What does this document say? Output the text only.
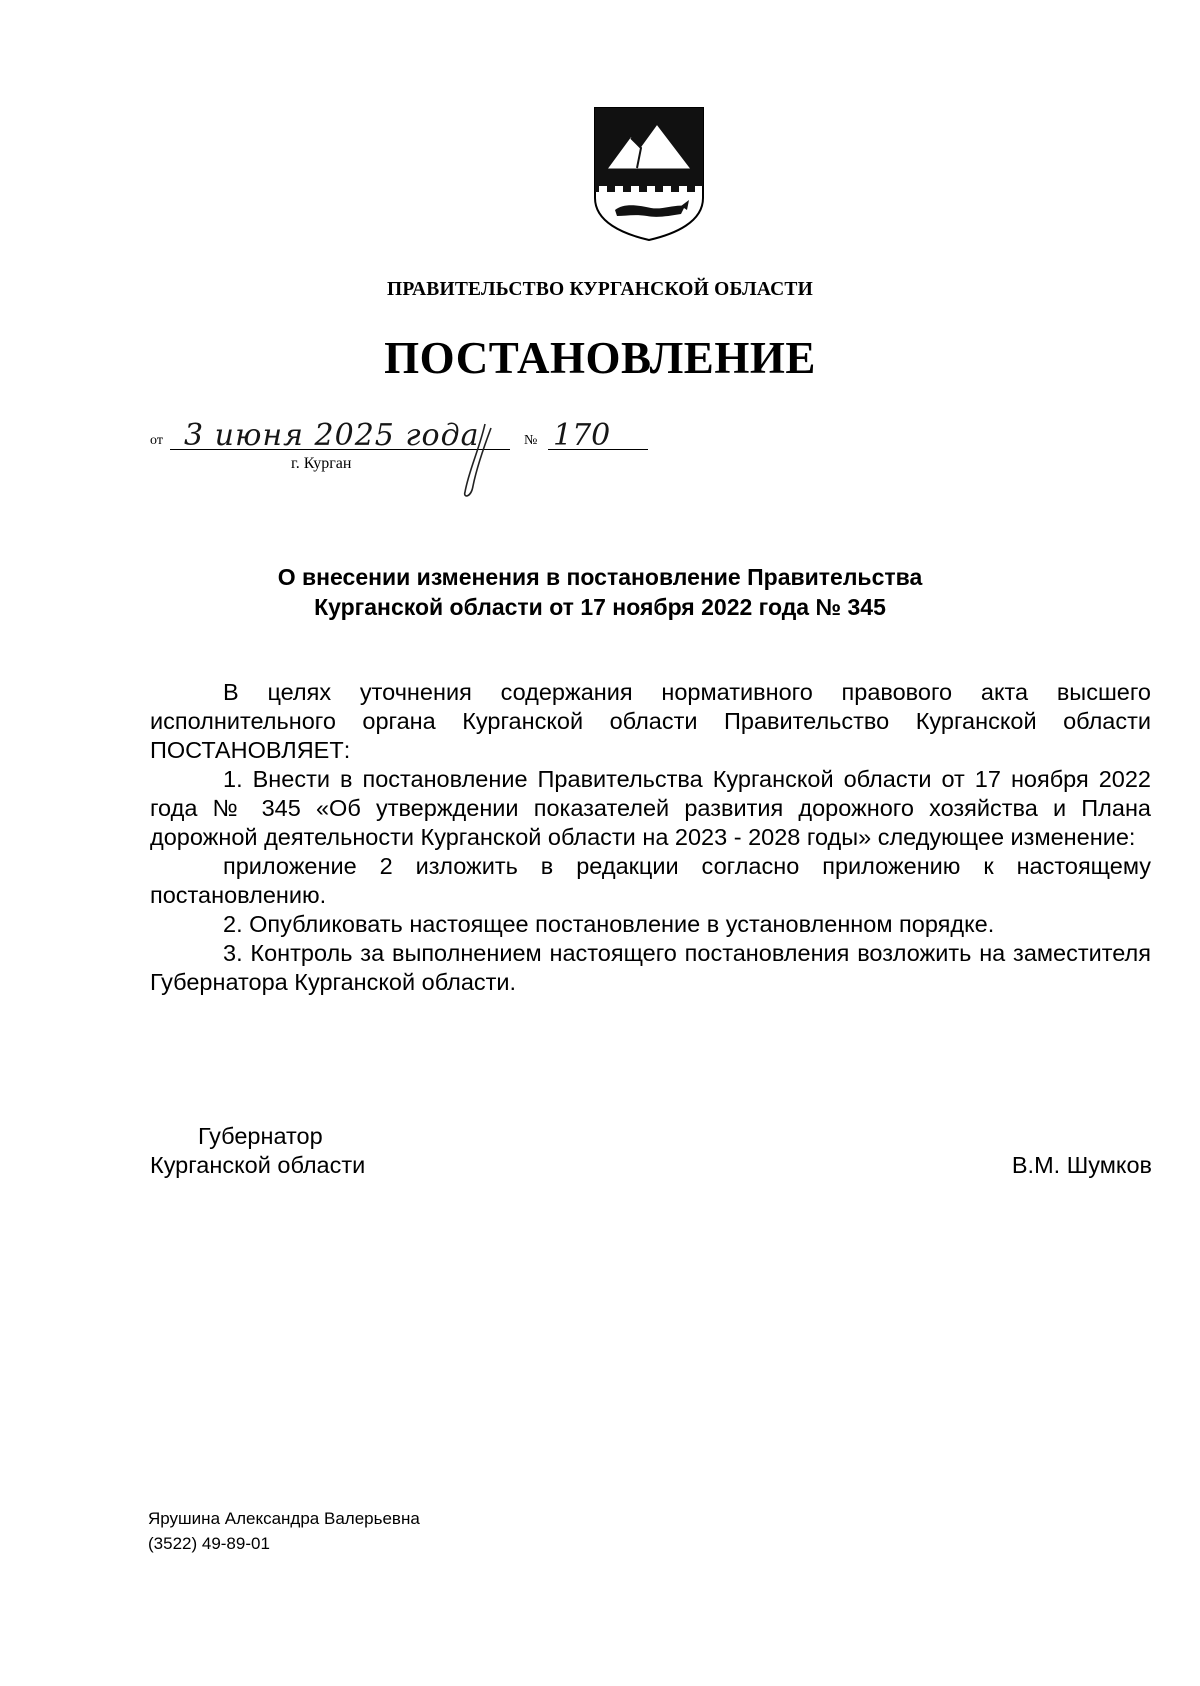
ПРАВИТЕЛЬСТВО КУРГАНСКОЙ ОБЛАСТИ
ПОСТАНОВЛЕНИЕ
от 3 июня 2025 года	№ 170
г. Курган
О внесении изменения в постановление Правительства
Курганской области от 17 ноября 2022 года № 345

В целях уточнения содержания нормативного правового акта высшего исполнительного органа Курганской области Правительство Курганской области ПОСТАНОВЛЯЕТ:

1. Внести в постановление Правительства Курганской области от 17 ноября 2022 года № 345 «Об утверждении показателей развития дорожного хозяйства и Плана дорожной деятельности Курганской области на 2023 - 2028 годы» следующее изменение:

приложение 2 изложить в редакции согласно приложению к настоящему постановлению.

2. Опубликовать настоящее постановление в установленном порядке.

3. Контроль за выполнением настоящего постановления возложить на заместителя Губернатора Курганской области.

Губернатор
Курганской области	В.М. Шумков
Ярушина Александра Валерьевна
(3522) 49-89-01
